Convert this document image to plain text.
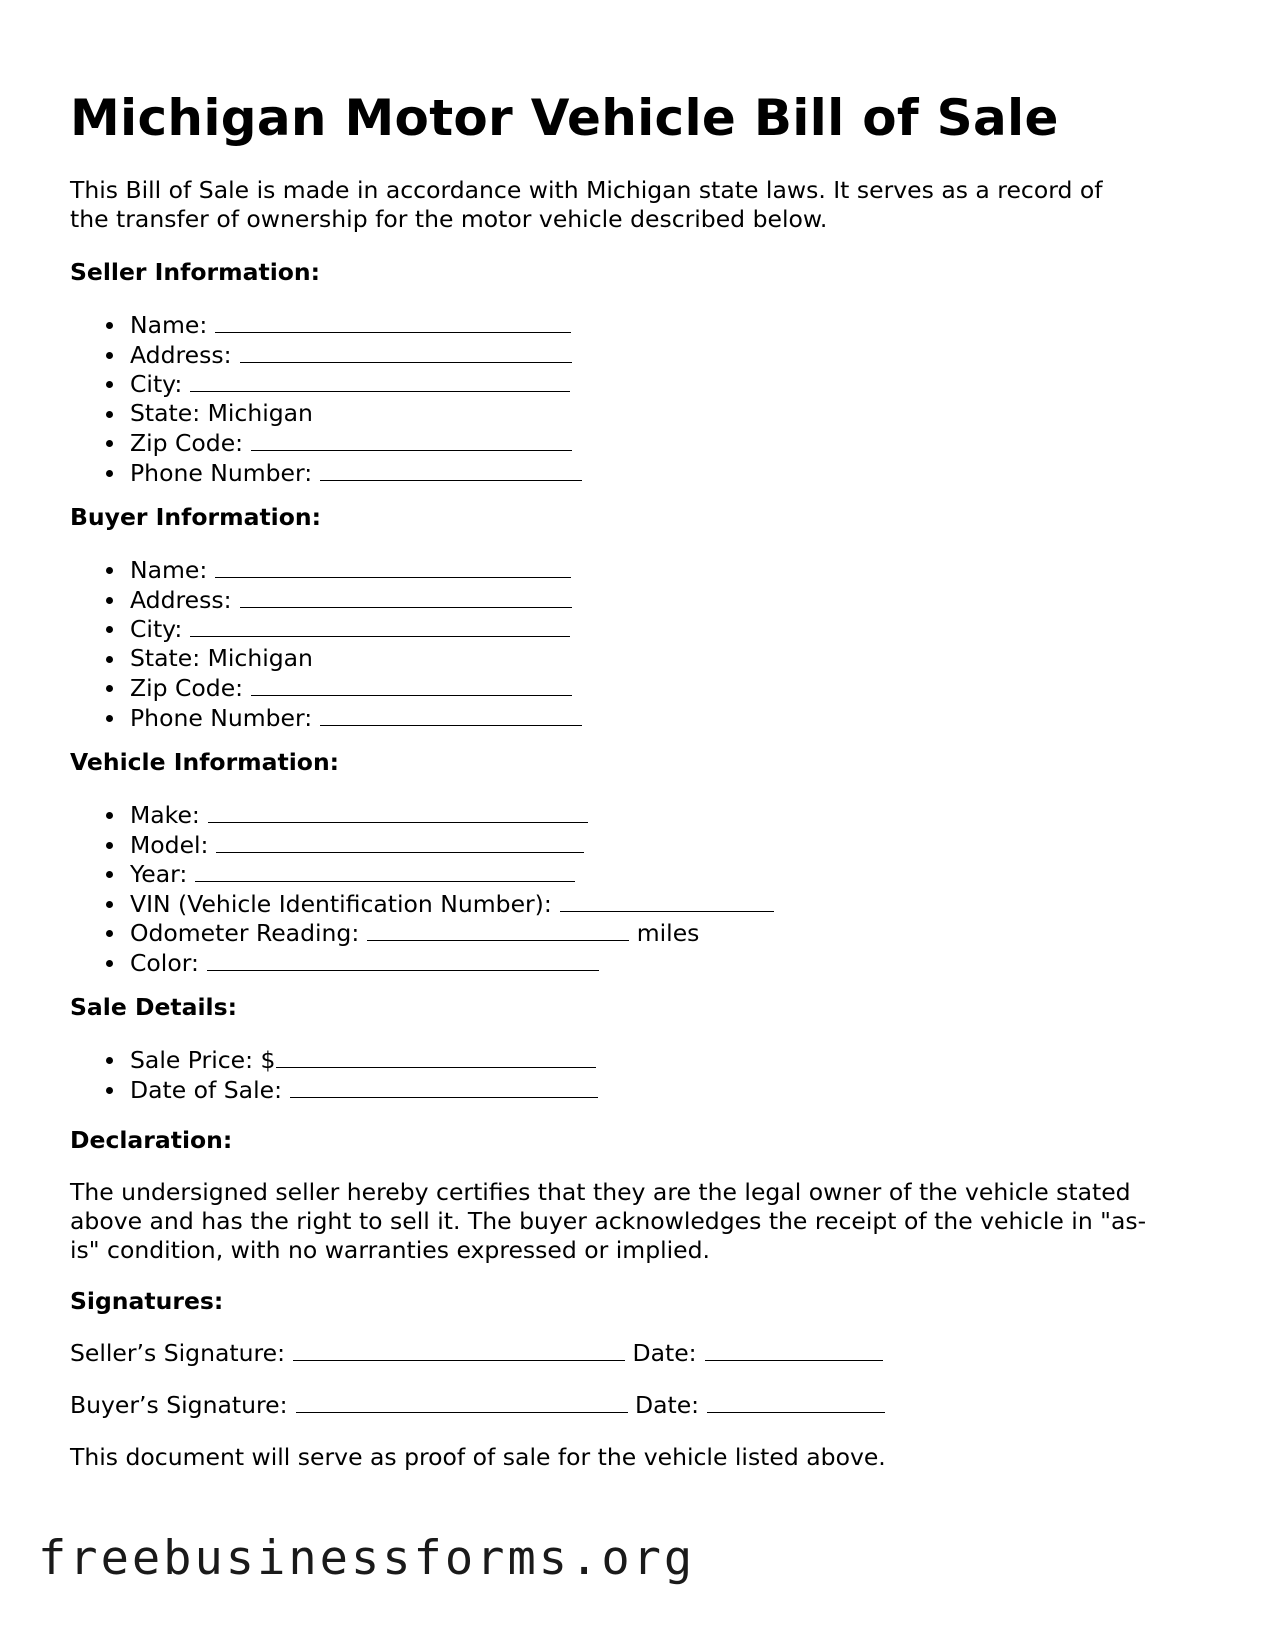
Michigan Motor Vehicle Bill of Sale

This Bill of Sale is made in accordance with Michigan state laws. It serves as a record of

the transfer of ownership for the motor vehicle described below.

Seller Information:

Name:
Address:
City:
State: Michigan
Zip Code:
Phone Number:

Buyer Information:

Name:
Address:
City:
State: Michigan
Zip Code:
Phone Number:

Vehicle Information:

Make:
Model:
Year:
VIN (Vehicle Identification Number):
Odometer Reading:	miles
Color:

Sale Details:

Sale Price: $
Date of Sale:

Declaration:

The undersigned seller hereby certifies that they are the legal owner of the vehicle stated

above and has the right to sell it. The buyer acknowledges the receipt of the vehicle in "as-

is" condition, with no warranties expressed or implied.

Signatures:

Seller’s Signature:	Date:
Buyer’s Signature:	Date:

This document will serve as proof of sale for the vehicle listed above.

freebusinessforms.org
